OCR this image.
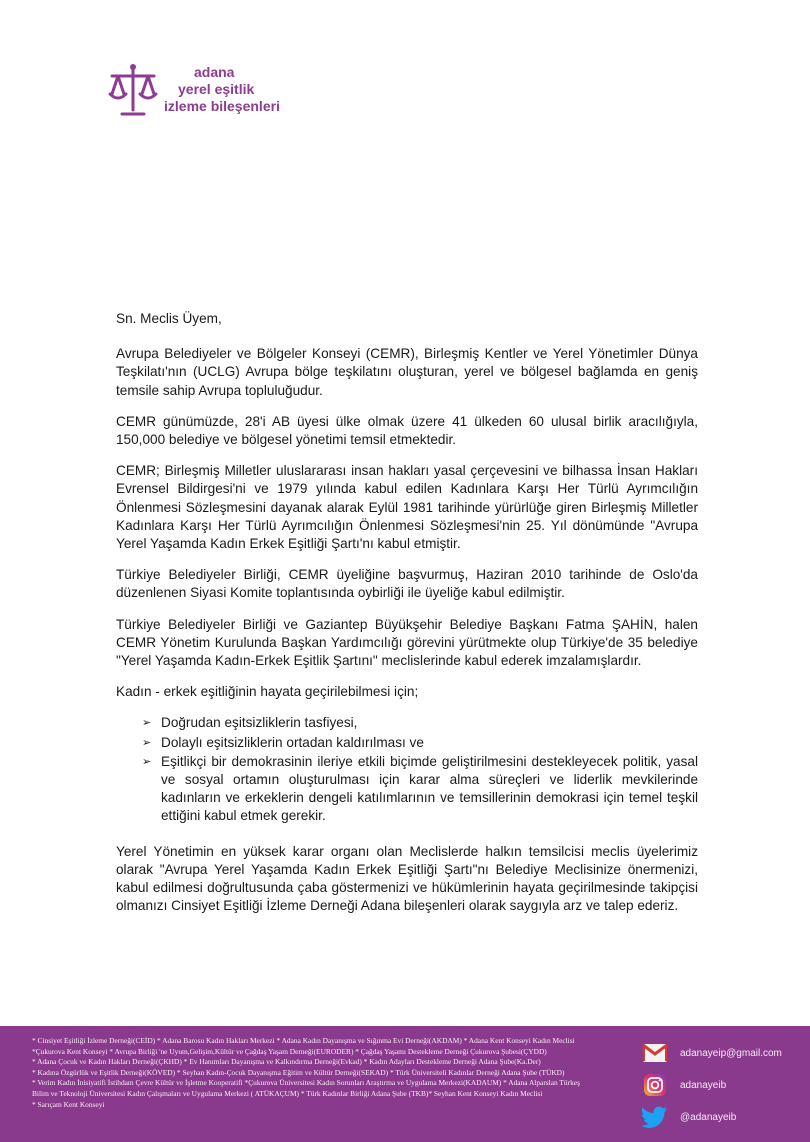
adana
yerel eşitlik
izleme bileşenleri

Sn. Meclis Üyem,

Avrupa Belediyeler ve Bölgeler Konseyi (CEMR), Birleşmiş Kentler ve Yerel Yönetimler Dünya Teşkilatı'nın (UCLG) Avrupa bölge teşkilatını oluşturan, yerel ve bölgesel bağlamda en geniş temsile sahip Avrupa topluluğudur.

CEMR günümüzde, 28'i AB üyesi ülke olmak üzere 41 ülkeden 60 ulusal birlik aracılığıyla, 150,000 belediye ve bölgesel yönetimi temsil etmektedir.

CEMR; Birleşmiş Milletler uluslararası insan hakları yasal çerçevesini ve bilhassa İnsan Hakları Evrensel Bildirgesi'ni ve 1979 yılında kabul edilen Kadınlara Karşı Her Türlü Ayrımcılığın Önlenmesi Sözleşmesini dayanak alarak Eylül 1981 tarihinde yürürlüğe giren Birleşmiş Milletler Kadınlara Karşı Her Türlü Ayrımcılığın Önlenmesi Sözleşmesi'nin 25. Yıl dönümünde "Avrupa Yerel Yaşamda Kadın Erkek Eşitliği Şartı'nı kabul etmiştir.

Türkiye Belediyeler Birliği, CEMR üyeliğine başvurmuş, Haziran 2010 tarihinde de Oslo'da düzenlenen Siyasi Komite toplantısında oybirliği ile üyeliğe kabul edilmiştir.

Türkiye Belediyeler Birliği ve Gaziantep Büyükşehir Belediye Başkanı Fatma ŞAHİN, halen CEMR Yönetim Kurulunda Başkan Yardımcılığı görevini yürütmekte olup Türkiye'de 35 belediye "Yerel Yaşamda Kadın-Erkek Eşitlik Şartını" meclislerinde kabul ederek imzalamışlardır.

Kadın - erkek eşitliğinin hayata geçirilebilmesi için;

➢ Doğrudan eşitsizliklerin tasfiyesi,
➢ Dolaylı eşitsizliklerin ortadan kaldırılması ve
➢ Eşitlikçi bir demokrasinin ileriye etkili biçimde geliştirilmesini destekleyecek politik, yasal ve sosyal ortamın oluşturulması için karar alma süreçleri ve liderlik mevkilerinde kadınların ve erkeklerin dengeli katılımlarının ve temsillerinin demokrasi için temel teşkil ettiğini kabul etmek gerekir.

Yerel Yönetimin en yüksek karar organı olan Meclislerde halkın temsilcisi meclis üyelerimiz olarak "Avrupa Yerel Yaşamda Kadın Erkek Eşitliği Şartı"nı Belediye Meclisinize önermenizi, kabul edilmesi doğrultusunda çaba göstermenizi ve hükümlerinin hayata geçirilmesinde takipçisi olmanızı Cinsiyet Eşitliği İzleme Derneği Adana bileşenleri olarak saygıyla arz ve talep ederiz.

* Cinsiyet Eşitliği İzleme Derneği(CEİD) * Adana Barosu Kadın Hakları Merkezi * Adana Kadın Dayanışma ve Sığınma Evi Derneği(AKDAM) * Adana Kent Konseyi Kadın Meclisi
*Çukurova Kent Konseyi * Avrupa Birliği 'ne Uyum,Gelişim,Kültür ve Çağdaş Yaşam Derneği(EURODER) * Çağdaş Yaşamı Destekleme Derneği Çukurova Şubesi(ÇYDD)
* Adana Çocuk ve Kadın Hakları Derneği(ÇKHD) * Ev Hanımları Dayanışma ve Kalkındırma Derneği(Evkad) * Kadın Adayları Destekleme Derneği Adana Şube(Ka.Der)
* Kadına Özgürlük ve Eşitlik Derneği(KÖVED) * Seyhan Kadın-Çocuk Dayanışma Eğitim ve Kültür Derneği(SEKAD) * Türk Üniversiteli Kadınlar Derneği Adana Şube (TÜKD)
* Verim Kadın İnisiyatifi İstihdam Çevre Kültür ve İşletme Kooperatifi *Çukurova Üniversitesi Kadın Sorunları Araştırma ve Uygulama Merkezi(KADAUM) * Adana Alparslan Türkeş
Bilim ve Teknoloji Üniversitesi Kadın Çalışmaları ve Uygulama Merkezi ( ATÜKAÇUM) * Türk Kadınlar Birliği Adana Şube (TKB)* Seyhan Kent Konseyi Kadın Meclisi
* Sarıçam Kent Konseyi
adanayeip@gmail.com
adanayeib
@adanayeib
